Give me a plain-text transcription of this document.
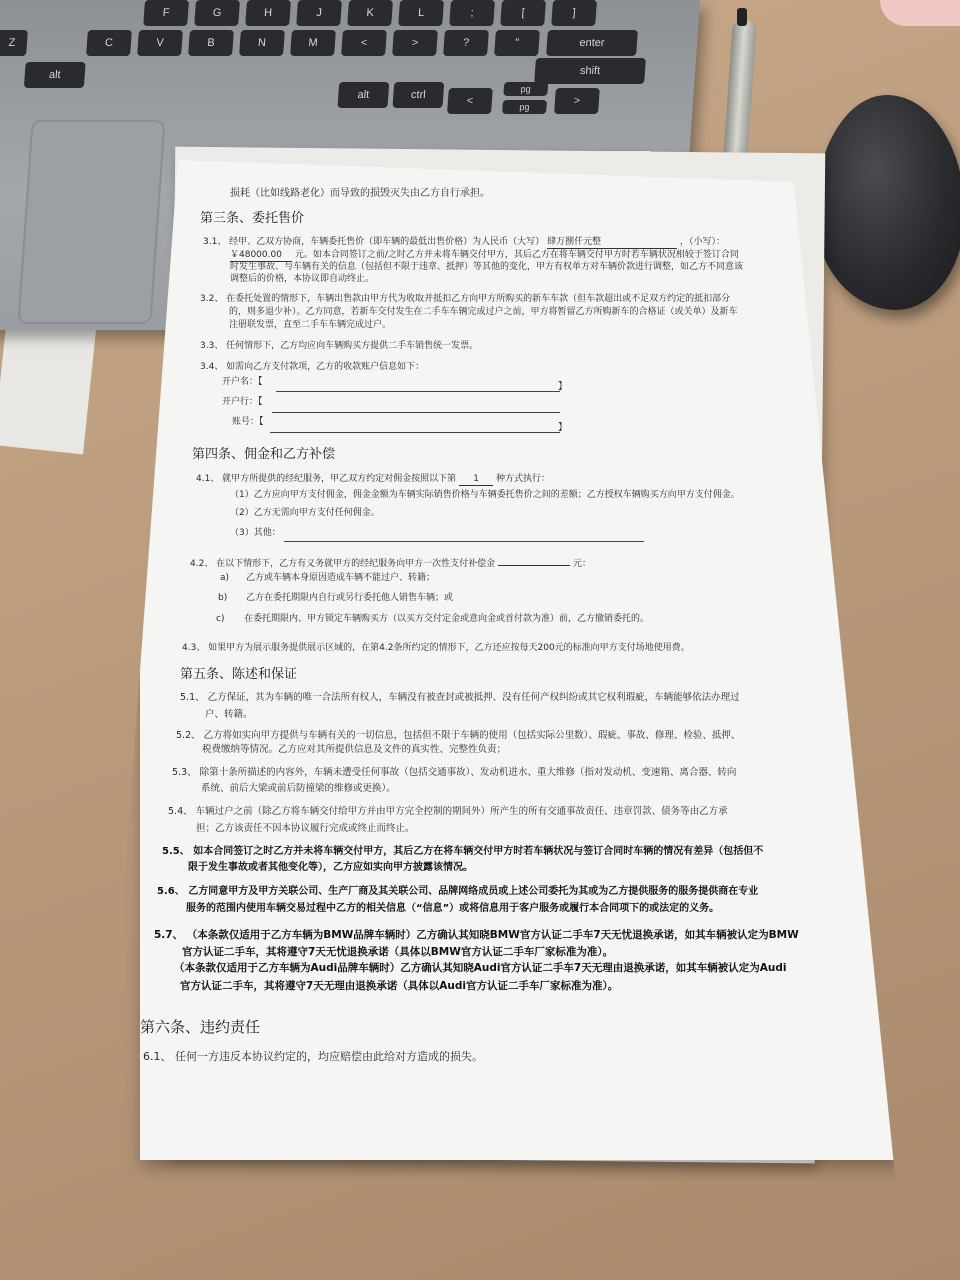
F	G	H	J	K	L	;	[	]
Z	C	V	B	N	M	<	>	?	"	enter
alt
alt	ctrl	<
pg
pg	>
shift
损耗（比如线路老化）而导致的损毁灭失由乙方自行承担。
第三条、委托售价
3.1、 经甲、乙双方协商，车辆委托售价（即车辆的最低出售价格）为人民币（大写） 肆万捌仟元整	，（小写）：
￥48000.00 元。如本合同签订之前/之时乙方并未将车辆交付甲方，其后乙方在将车辆交付甲方时若车辆状况相较于签订合同
时发生事故、与车辆有关的信息（包括但不限于违章、抵押）等其他的变化，甲方有权单方对车辆价款进行调整，如乙方不同意该
调整后的价格，本协议即自动终止。
3.2、 在委托处置的情形下，车辆出售款由甲方代为收取并抵扣乙方向甲方所购买的新车车款（但车款超出或不足双方约定的抵扣部分
的，则多退少补）。乙方同意，若新车交付发生在二手车车辆完成过户之前，甲方将暂留乙方所购新车的合格证（或关单）及新车
注册联发票，直至二手车车辆完成过户。
3.3、 任何情形下，乙方均应向车辆购买方提供二手车销售统一发票。
3.4、 如需向乙方支付款项，乙方的收款账户信息如下：
开户名：【	】
开户行：【
账号：【
】
第四条、佣金和乙方补偿
4.1、 就甲方所提供的经纪服务，甲乙双方约定对佣金按照以下第 1 种方式执行：
（1）乙方应向甲方支付佣金，佣金金额为车辆实际销售价格与车辆委托售价之间的差额；乙方授权车辆购买方向甲方支付佣金。
（2）乙方无需向甲方支付任何佣金。
（3）其他：
4.2、 在以下情形下，乙方有义务就甲方的经纪服务向甲方一次性支付补偿金	元：
a) 乙方或车辆本身原因造成车辆不能过户、转籍；
b) 乙方在委托期限内自行或另行委托他人销售车辆；或
c) 在委托期限内、甲方锁定车辆购买方（以买方交付定金或意向金或首付款为准）前，乙方撤销委托的。
4.3、 如果甲方为展示服务提供展示区域的，在第4.2条所约定的情形下，乙方还应按每天200元的标准向甲方支付场地使用费。
第五条、陈述和保证
5.1、 乙方保证，其为车辆的唯一合法所有权人，车辆没有被查封或被抵押、没有任何产权纠纷或其它权利瑕疵，车辆能够依法办理过
户、转籍。
5.2、 乙方将如实向甲方提供与车辆有关的一切信息，包括但不限于车辆的使用（包括实际公里数）、瑕疵、事故、修理、检验、抵押、
税费缴纳等情况。乙方应对其所提供信息及文件的真实性、完整性负责；
5.3、 除第十条所描述的内容外，车辆未遭受任何事故（包括交通事故）、发动机进水、重大维修（指对发动机、变速箱、离合器、转向
系统、前后大梁或前后防撞梁的维修或更换）。
5.4、 车辆过户之前（除乙方将车辆交付给甲方并由甲方完全控制的期间外）所产生的所有交通事故责任、违章罚款、债务等由乙方承
担；乙方该责任不因本协议履行完成或终止而终止。
5.5、 如本合同签订之时乙方并未将车辆交付甲方，其后乙方在将车辆交付甲方时若车辆状况与签订合同时车辆的情况有差异（包括但不
限于发生事故或者其他变化等），乙方应如实向甲方披露该情况。
5.6、 乙方同意甲方及甲方关联公司、生产厂商及其关联公司、品牌网络成员或上述公司委托为其或为乙方提供服务的服务提供商在专业
服务的范围内使用车辆交易过程中乙方的相关信息（“信息”）或将信息用于客户服务或履行本合同项下的或法定的义务。
5.7、 （本条款仅适用于乙方车辆为BMW品牌车辆时）乙方确认其知晓BMW官方认证二手车7天无忧退换承诺，如其车辆被认定为BMW
官方认证二手车，其将遵守7天无忧退换承诺（具体以BMW官方认证二手车厂家标准为准）。
（本条款仅适用于乙方车辆为Audi品牌车辆时）乙方确认其知晓Audi官方认证二手车7天无理由退换承诺，如其车辆被认定为Audi
官方认证二手车，其将遵守7天无理由退换承诺（具体以Audi官方认证二手车厂家标准为准）。
第六条、违约责任
6.1、 任何一方违反本协议约定的，均应赔偿由此给对方造成的损失。
